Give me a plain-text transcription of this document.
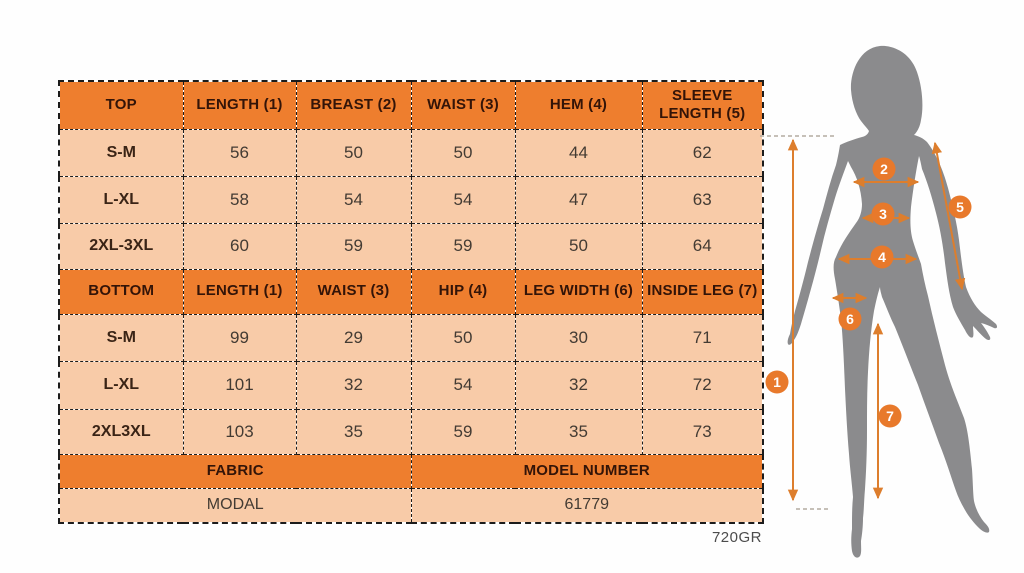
TOP	LENGTH (1)	BREAST (2)	WAIST (3)	HEM (4)	SLEEVE LENGTH (5)
S-M	56	50	50	44	62
L-XL	58	54	54	47	63
2XL-3XL	60	59	59	50	64
BOTTOM	LENGTH (1)	WAIST (3)	HIP (4)	LEG WIDTH (6)	INSIDE LEG (7)
S-M	99	29	50	30	71
L-XL	101	32	54	32	72
2XL3XL	103	35	59	35	73
FABRIC			MODEL NUMBER		
MODAL			61779		
720GR
1
2
3
4
5
6
7
